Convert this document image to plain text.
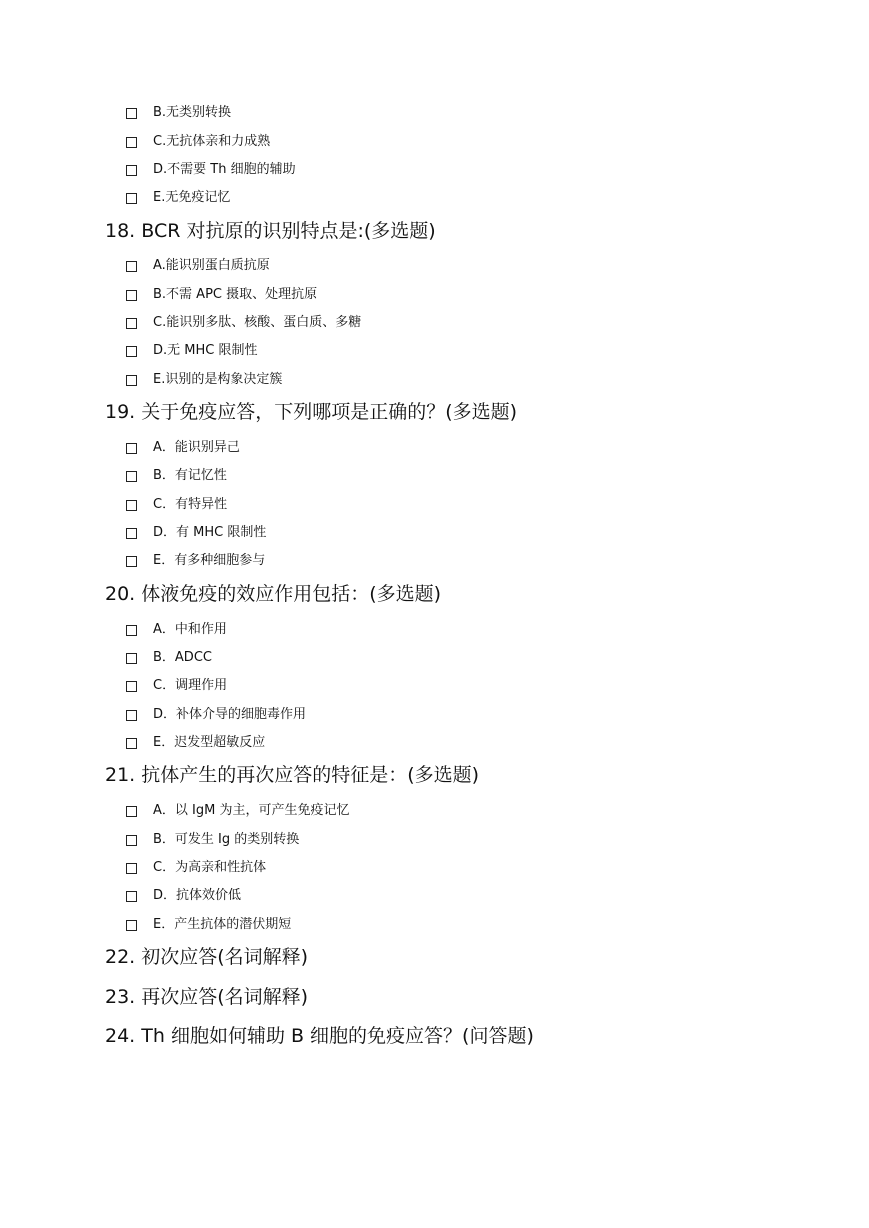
B.无类别转换
C.无抗体亲和力成熟
D.不需要 Th 细胞的辅助
E.无免疫记忆
18. BCR 对抗原的识别特点是:(多选题)
A.能识别蛋白质抗原
B.不需 APC 摄取、处理抗原
C.能识别多肽、核酸、蛋白质、多糖
D.无 MHC 限制性
E.识别的是构象决定簇
19. 关于免疫应答，下列哪项是正确的？(多选题)
A．能识别异己
B．有记忆性
C．有特异性
D．有 MHC 限制性
E．有多种细胞参与
20. 体液免疫的效应作用包括：(多选题)
A．中和作用
B．ADCC
C．调理作用
D．补体介导的细胞毒作用
E．迟发型超敏反应
21. 抗体产生的再次应答的特征是：(多选题)
A．以 IgM 为主，可产生免疫记忆
B．可发生 Ig 的类别转换
C．为高亲和性抗体
D．抗体效价低
E．产生抗体的潜伏期短
22. 初次应答(名词解释)
23. 再次应答(名词解释)
24. Th 细胞如何辅助 B 细胞的免疫应答？(问答题)
